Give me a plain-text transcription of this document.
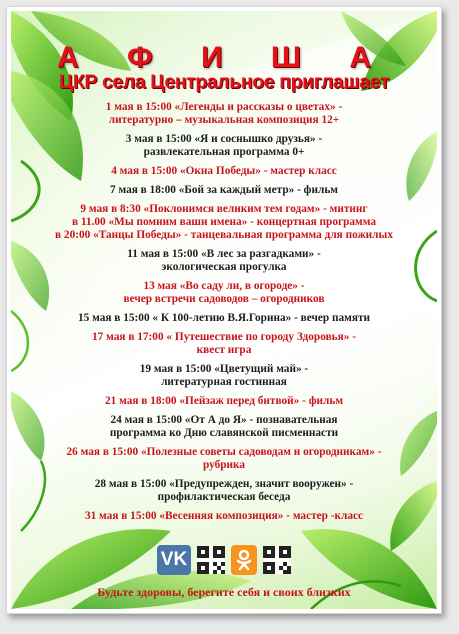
А Ф И Ш А
ЦКР села Центральное приглашает
1 мая в 15:00 «Легенды и рассказы о цветах» -
литературно – музыкальная композиция 12+
3 мая в 15:00 «Я и соснышко друзья» -
развлекательная программа 0+
4 мая в 15:00 «Окна Победы» - мастер класс
7 мая в 18:00 «Бой за каждый метр» - фильм
9 мая в 8:30 «Поклонимся великим тем годам» - митинг
в 11.00 «Мы помним ваши имена» - концертная программа
в 20:00 «Танцы Победы» - танцевальная программа для пожилых
11 мая в 15:00 «В лес за разгадками» -
экологическая прогулка
13 мая «Во саду ли, в огороде» -
вечер встречи садоводов – огородников
15 мая в 15:00 « К 100-летию В.Я.Горина» - вечер памяти
17 мая в 17:00 « Путешествие по городу Здоровья» -
квест игра
19 мая в 15:00 «Цветущий май» -
литературная гостинная
21 мая в 18:00 «Пейзаж перед битвой» - фильм
24 мая в 15:00 «От А до Я» - познавательная
программа ко Дню славянской писменнасти
26 мая в 15:00 «Полезные советы садоводам и огородникам» -
рубрика
28 мая в 15:00 «Предупрежден, значит вооружен» -
профилактическая беседа
31 мая в 15:00 «Весенняя композиция» - мастер -класс
VK
Будьте здоровы, берегите себя и своих близких
